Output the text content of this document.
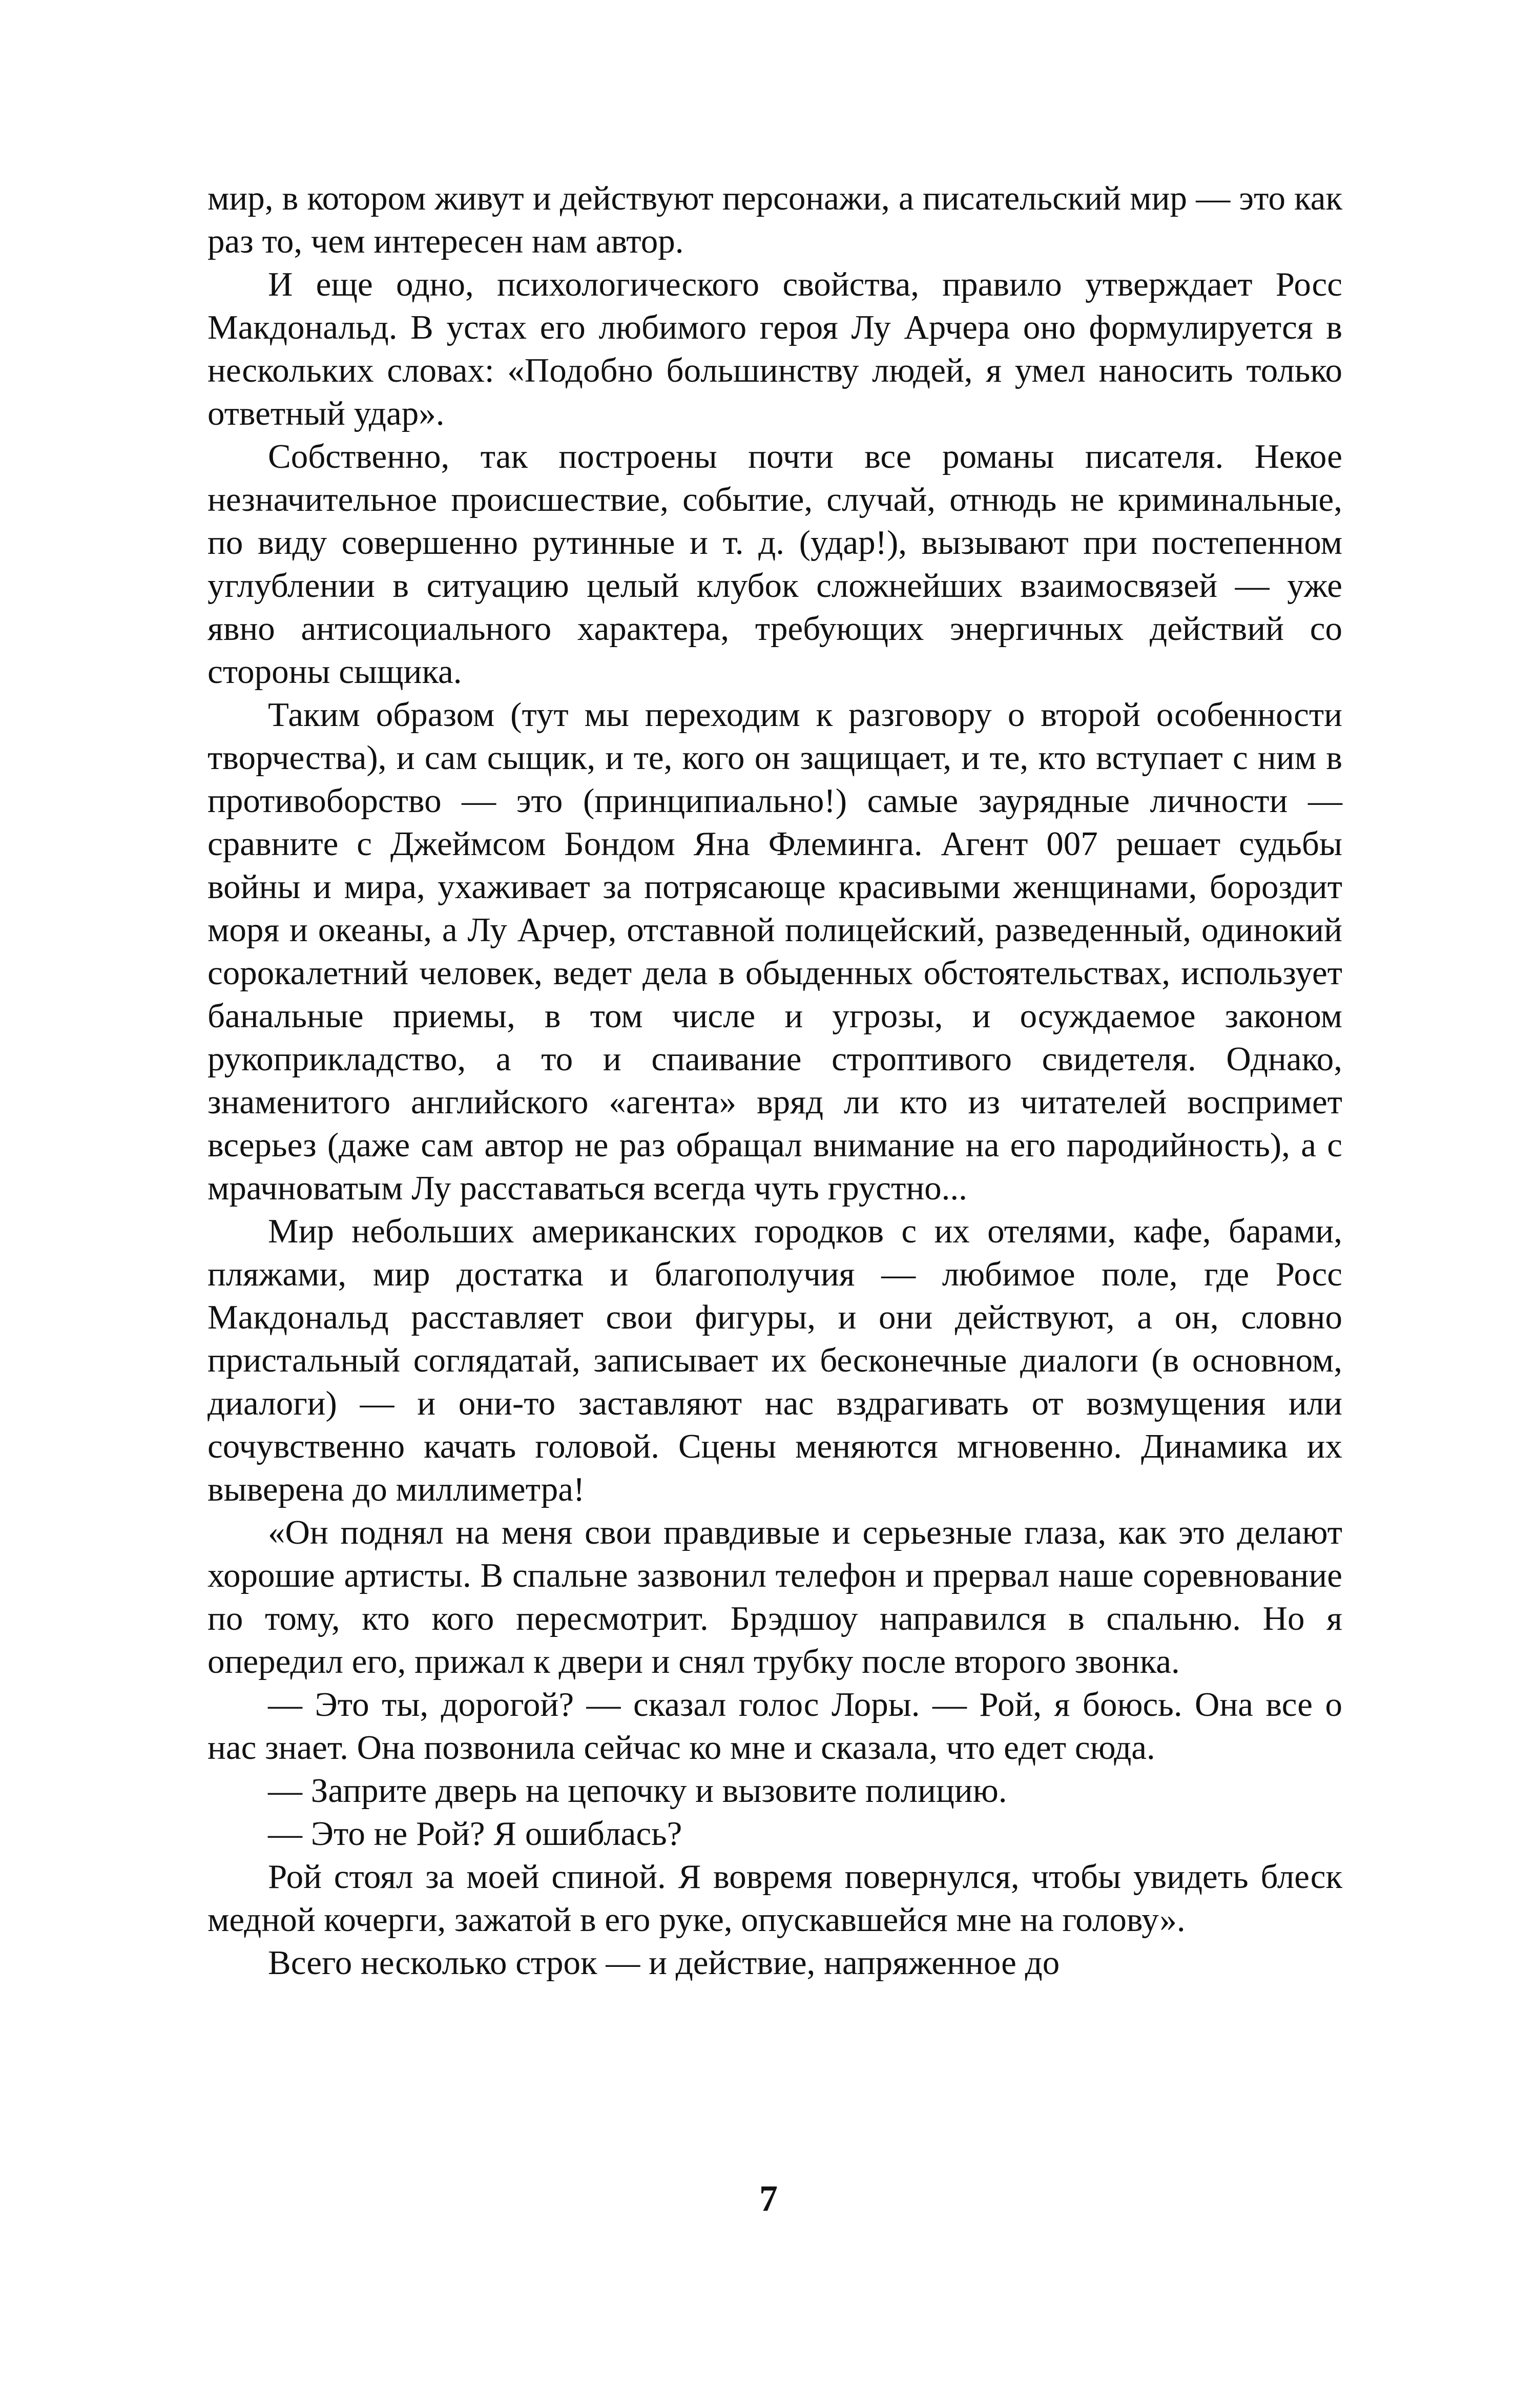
мир, в котором живут и действуют персонажи, а писательский мир — это как раз то, чем интересен нам автор.

И еще одно, психологического свойства, правило утверждает Росс Макдональд. В устах его любимого героя Лу Арчера оно формулируется в нескольких словах: «Подобно большинству людей, я умел наносить только ответный удар».

Собственно, так построены почти все романы писателя. Некое незначительное происшествие, событие, случай, отнюдь не криминальные, по виду совершенно рутинные и т. д. (удар!), вызывают при постепенном углублении в ситуацию целый клубок сложнейших взаимосвязей — уже явно антисоциального характера, требующих энергичных действий со стороны сыщика.

Таким образом (тут мы переходим к разговору о второй особенности творчества), и сам сыщик, и те, кого он защищает, и те, кто вступает с ним в противоборство — это (принципиально!) самые заурядные личности — сравните с Джеймсом Бондом Яна Флеминга. Агент 007 решает судьбы войны и мира, ухаживает за потрясающе красивыми женщинами, бороздит моря и океаны, а Лу Арчер, отставной полицейский, разведенный, одинокий сорокалетний человек, ведет дела в обыденных обстоятельствах, использует банальные приемы, в том числе и угрозы, и осуждаемое законом рукоприкладство, а то и спаивание строптивого свидетеля. Однако, знаменитого английского «агента» вряд ли кто из читателей воспримет всерьез (даже сам автор не раз обращал внимание на его пародийность), а с мрачноватым Лу расставаться всегда чуть грустно...

Мир небольших американских городков с их отелями, кафе, барами, пляжами, мир достатка и благополучия — любимое поле, где Росс Макдональд расставляет свои фигуры, и они действуют, а он, словно пристальный соглядатай, записывает их бесконечные диалоги (в основном, диалоги) — и они-то заставляют нас вздрагивать от возмущения или сочувственно качать головой. Сцены меняются мгновенно. Динамика их выверена до миллиметра!

«Он поднял на меня свои правдивые и серьезные глаза, как это делают хорошие артисты. В спальне зазвонил телефон и прервал наше соревнование по тому, кто кого пересмотрит. Брэдшоу направился в спальню. Но я опередил его, прижал к двери и снял трубку после второго звонка.

— Это ты, дорогой? — сказал голос Лоры. — Рой, я боюсь. Она все о нас знает. Она позвонила сейчас ко мне и сказала, что едет сюда.

— Заприте дверь на цепочку и вызовите полицию.

— Это не Рой? Я ошиблась?

Рой стоял за моей спиной. Я вовремя повернулся, чтобы увидеть блеск медной кочерги, зажатой в его руке, опускавшейся мне на голову».

Всего несколько строк — и действие, напряженное до

7
